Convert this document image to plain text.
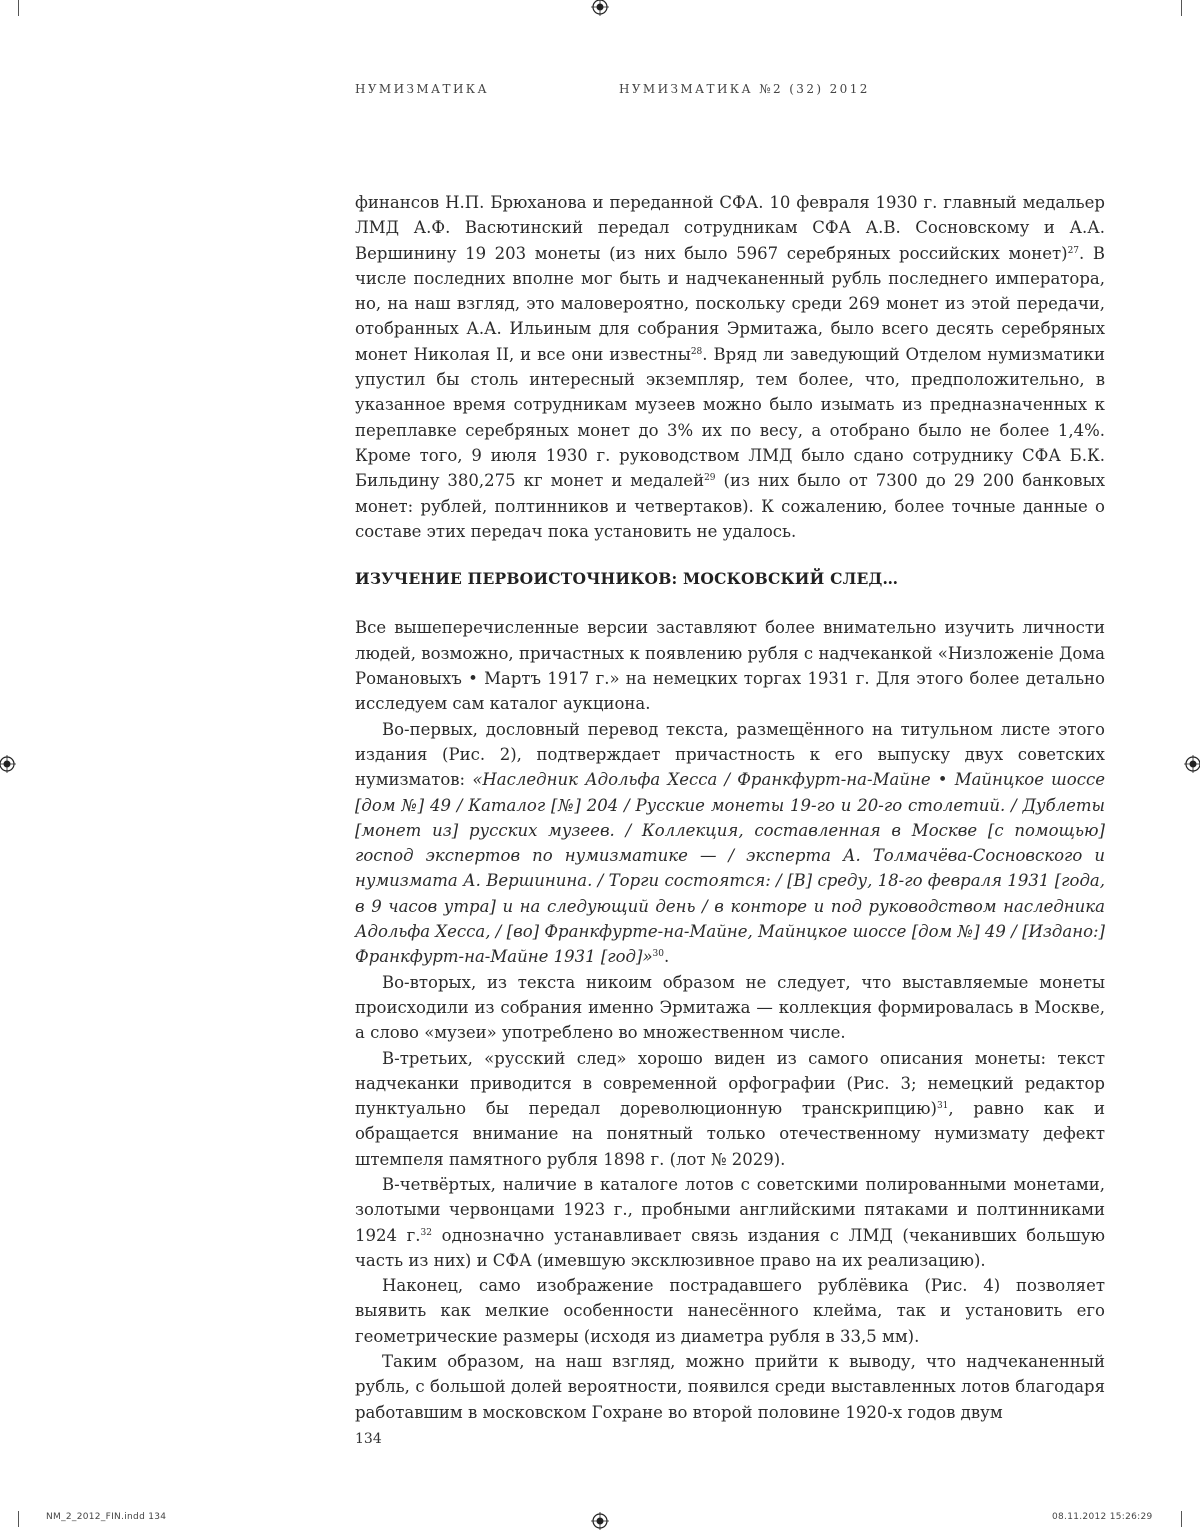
НУМИЗМАТИКА	НУМИЗМАТИКА №2 (32) 2012

финансов Н.П. Брюханова и переданной СФА. 10 февраля 1930 г. главный медальер ЛМД А.Ф. Васютинский передал сотрудникам СФА А.В. Сосновскому и А.А. Вершинину 19 203 монеты (из них было 5967 серебряных российских монет)$^{27}$. В числе последних вполне мог быть и надчеканенный рубль последнего императора, но, на наш взгляд, это маловероятно, поскольку среди 269 монет из этой передачи, отобранных А.А. Ильиным для собрания Эрмитажа, было всего десять серебряных монет Николая II, и все они известны$^{28}$. Вряд ли заведующий Отделом нумизматики упустил бы столь интересный экземпляр, тем более, что, предположительно, в указанное время сотрудникам музеев можно было изымать из предназначенных к переплавке серебряных монет до 3% их по весу, а отобрано было не более 1,4%. Кроме того, 9 июля 1930 г. руководством ЛМД было сдано сотруднику СФА Б.К. Бильдину 380,275 кг монет и медалей$^{29}$ (из них было от 7300 до 29 200 банковых монет: рублей, полтинников и четвертаков). К сожалению, более точные данные о составе этих передач пока установить не удалось.

ИЗУЧЕНИЕ ПЕРВОИСТОЧНИКОВ: МОСКОВСКИЙ СЛЕД…

Все вышеперечисленные версии заставляют более внимательно изучить личности людей, возможно, причастных к появлению рубля с надчеканкой «Низложенiе Дома Романовыхъ • Мартъ 1917 г.» на немецких торгах 1931 г. Для этого более детально исследуем сам каталог аукциона.

Во-первых, дословный перевод текста, размещённого на титульном листе этого издания (Рис. 2), подтверждает причастность к его выпуску двух советских нумизматов: «Наследник Адольфа Хесса / Франкфурт-на-Майне • Майнцкое шоссе [дом №] 49 / Каталог [№] 204 / Русские монеты 19-го и 20-го столетий. / Дублеты [монет из] русских музеев. / Коллекция, составленная в Москве [с помощью] господ экспертов по нумизматике — / эксперта А. Толмачёва-Сосновского и нумизмата А. Вершинина. / Торги состоятся: / [В] среду, 18-го февраля 1931 [года, в 9 часов утра] и на следующий день / в конторе и под руководством наследника Адольфа Хесса, / [во] Франкфурте-на-Майне, Майнцкое шоссе [дом №] 49 / [Издано:] Франкфурт-на-Майне 1931 [год]»$^{30}$.

Во-вторых, из текста никоим образом не следует, что выставляемые монеты происходили из собрания именно Эрмитажа — коллекция формировалась в Москве, а слово «музеи» употреблено во множественном числе.

В-третьих, «русский след» хорошо виден из самого описания монеты: текст надчеканки приводится в современной орфографии (Рис. 3; немецкий редактор пунктуально бы передал дореволюционную транскрипцию)$^{31}$, равно как и обращается внимание на понятный только отечественному нумизмату дефект штемпеля памятного рубля 1898 г. (лот № 2029).

В-четвёртых, наличие в каталоге лотов с советскими полированными монетами, золотыми червонцами 1923 г., пробными английскими пятаками и полтинниками 1924 г.$^{32}$ однозначно устанавливает связь издания с ЛМД (чеканивших большую часть из них) и СФА (имевшую эксклюзивное право на их реализацию).

Наконец, само изображение пострадавшего рублёвика (Рис. 4) позволяет выявить как мелкие особенности нанесённого клейма, так и установить его геометрические размеры (исходя из диаметра рубля в 33,5 мм).

Таким образом, на наш взгляд, можно прийти к выводу, что надчеканенный рубль, с большой долей вероятности, появился среди выставленных лотов благодаря работавшим в московском Гохране во второй половине 1920-х годов двум

134
NM_2_2012_FIN.indd 134	08.11.2012 15:26:29
